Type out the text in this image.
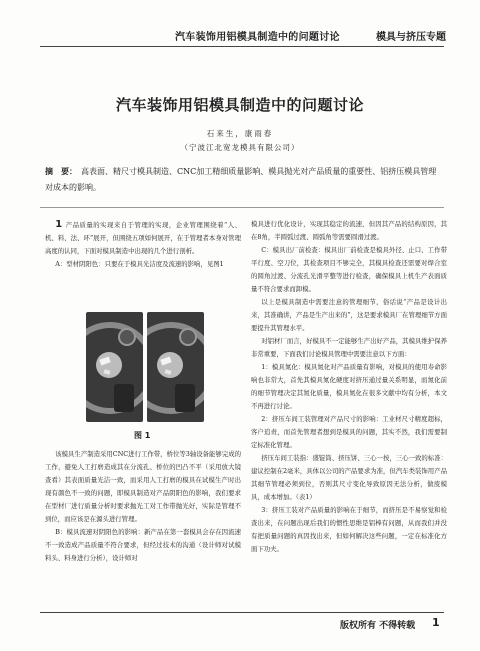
汽车装饰用铝模具制造中的问题讨论	模具与挤压专题
汽车装饰用铝模具制造中的问题讨论
石来生，康雨春
（宁波江北宽龙模具有限公司）
摘　要： 高表面、精尺寸模具制造、CNC加工精细质量影响、模具抛光对产品质量的重要性、铝挤压模具管理对成本的影响。

1 产品质量的实现来自于管理的实现，企业管理围绕着“人、机、料、法、环”展开，但围绕五项如何展开，在于管理者本身对管理高度的认同，下面对模具制造中出现的几个进行剖析。

A：型材阴阳色：只要在于模具光洁度及流速的影响，见图1

图 1

该模具生产制造采用CNC进行工作带，桥位等3轴设备能够完成的工作，避免人工打磨造成其在分流孔、桥位的凹凸不平（采用放大镜查看）其表面质量光洁一致，而采用人工打磨的模具在试模生产时出现有颜色不一致的问题，即模具制造对产品阴阳色的影响，我们要求在型材厂进行质量分析时要求抛光工对工作带抛光好，实际是管理不到位，而应该是在源头进行管理。

B：模具流速对阴阳色的影响：新产品在第一套模具会存在因流速不一致造成产品质量不符合要求，但经过技术的沟通（设计师对试模料头、料身进行分析），设计师对

模具进行优化设计，实现其稳定的流速，但因其产品的结构原因，其在8角，半圆弧过渡、圆弧角等需要圆滑过渡。

C：模具出厂前检查：模具出厂前检查是模具外径、止口、工作带平行度、空刀位，其检查项目不够完全，其模具检查还需要对焊合室的圆角过渡、分流孔光滑平整等进行检查，确保模具上机生产表面质量不符合要求而卸模。

以上是模具制造中需要注意的管理细节，俗话说“产品是设计出来，其准确讲，产品是生产出来的”，这是要求模具厂在管理细节方面要提升其管理水平。

对铝材厂而言，好模具不一定能够生产出好产品，其模具维护保养非常重要，下面我们讨论模具管理中需要注意以下方面：

1：模具氮化：模具氮化对产品质量有影响，对模具的使用寿命影响也非常大，首先其模具氮化硬度对挤压通过量关系明显，而氮化前的细节管理决定其氮化质量，模具氮化在很多文献中均有分析，本文不再进行讨论。

2：挤压车间工装管理对产品尺寸的影响：工业材尺寸精度超标，客户追责，而首先管理者想到是模具的问题，其实不然，我们需要制定标准化管理。

挤压车间工装指：盛锭筒、挤压饼、三心一按，三心一致的标准：建议控制在2毫米，具体以公司的产品要求为准，但汽车类装饰用产品其细节管理必须到位，否则其尺寸变化导致原因无法分析，做废模具，成本增加。（表1）

3：挤压工装对产品质量的影响在于细节，而挤压是不易察觉和检查出来，在问题出现后我们的惯性思维是铝棒有问题，从而我们并没有把质量问题的真因找出来，但如何解决这些问题，一定在标准化方面下功夫。

版权所有 不得转载 1
